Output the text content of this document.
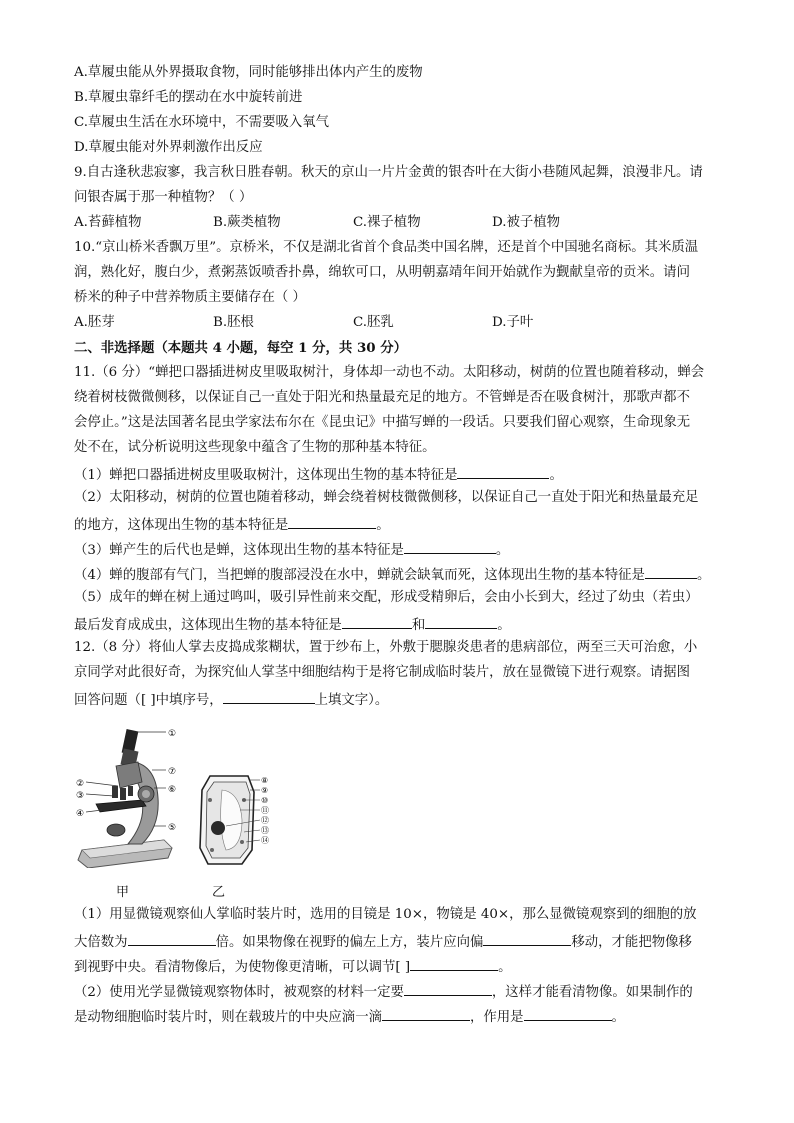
A.草履虫能从外界摄取食物，同时能够排出体内产生的废物
B.草履虫靠纤毛的摆动在水中旋转前进
C.草履虫生活在水环境中，不需要吸入氧气
D.草履虫能对外界刺激作出反应
9.自古逢秋悲寂寥，我言秋日胜春朝。秋天的京山一片片金黄的银杏叶在大街小巷随风起舞，浪漫非凡。请
问银杏属于那一种植物？（ ）
A.苔藓植物	B.蕨类植物	C.裸子植物	D.被子植物
10.“京山桥米香飘万里”。京桥米，不仅是湖北省首个食品类中国名牌，还是首个中国驰名商标。其米质温
润，熟化好，腹白少，煮粥蒸饭喷香扑鼻，绵软可口，从明朝嘉靖年间开始就作为觐献皇帝的贡米。请问
桥米的种子中营养物质主要储存在（ ）
A.胚芽	B.胚根	C.胚乳	D.子叶
二、非选择题（本题共 4 小题，每空 1 分，共 30 分）
11.（6 分）“蝉把口器插进树皮里吸取树汁，身体却一动也不动。太阳移动，树荫的位置也随着移动，蝉会
绕着树枝微微侧移，以保证自己一直处于阳光和热量最充足的地方。不管蝉是否在吸食树汁，那歌声都不
会停止。”这是法国著名昆虫学家法布尔在《昆虫记》中描写蝉的一段话。只要我们留心观察，生命现象无
处不在，试分析说明这些现象中蕴含了生物的那种基本特征。
（1）蝉把口器插进树皮里吸取树汁，这体现出生物的基本特征是	。
（2）太阳移动，树荫的位置也随着移动，蝉会绕着树枝微微侧移，以保证自己一直处于阳光和热量最充足
的地方，这体现出生物的基本特征是	。
（3）蝉产生的后代也是蝉，这体现出生物的基本特征是	。
（4）蝉的腹部有气门，当把蝉的腹部浸没在水中，蝉就会缺氧而死，这体现出生物的基本特征是	。
（5）成年的蝉在树上通过鸣叫，吸引异性前来交配，形成受精卵后，会由小长到大，经过了幼虫（若虫）
最后发育成成虫，这体现出生物的基本特征是	和	。
12.（8 分）将仙人掌去皮捣成浆糊状，置于纱布上，外敷于腮腺炎患者的患病部位，两至三天可治愈，小
京同学对此很好奇，为探究仙人掌茎中细胞结构于是将它制成临时装片，放在显微镜下进行观察。请据图
回答问题（[ ]中填序号，	上填文字）。
①
②
③
④
⑤
⑥
⑦
⑧
⑨
⑩
⑪
⑫
⑬
⑭
甲	乙
（1）用显微镜观察仙人掌临时装片时，选用的目镜是 10×，物镜是 40×，那么显微镜观察到的细胞的放
大倍数为	倍。如果物像在视野的偏左上方，装片应向偏	移动，才能把物像移
到视野中央。看清物像后，为使物像更清晰，可以调节[ ]	。
（2）使用光学显微镜观察物体时，被观察的材料一定要	，这样才能看清物像。如果制作的
是动物细胞临时装片时，则在载玻片的中央应滴一滴	，作用是	。
